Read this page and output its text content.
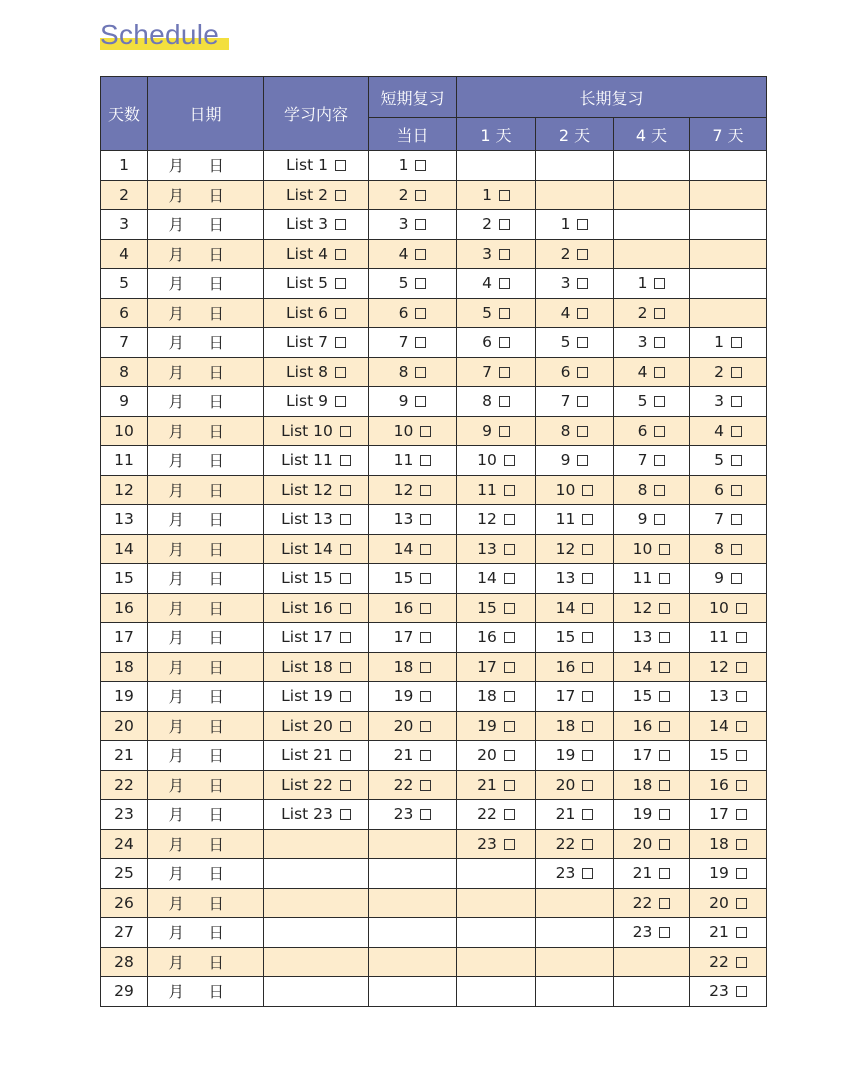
Schedule
天数	日期	学习内容	短期复习	长期复习			
			当日	1 天	2 天	4 天	7 天
1	月 日	List 1	1				
2	月 日	List 2	2	1			
3	月 日	List 3	3	2	1		
4	月 日	List 4	4	3	2		
5	月 日	List 5	5	4	3	1	
6	月 日	List 6	6	5	4	2	
7	月 日	List 7	7	6	5	3	1
8	月 日	List 8	8	7	6	4	2
9	月 日	List 9	9	8	7	5	3
10	月 日	List 10	10	9	8	6	4
11	月 日	List 11	11	10	9	7	5
12	月 日	List 12	12	11	10	8	6
13	月 日	List 13	13	12	11	9	7
14	月 日	List 14	14	13	12	10	8
15	月 日	List 15	15	14	13	11	9
16	月 日	List 16	16	15	14	12	10
17	月 日	List 17	17	16	15	13	11
18	月 日	List 18	18	17	16	14	12
19	月 日	List 19	19	18	17	15	13
20	月 日	List 20	20	19	18	16	14
21	月 日	List 21	21	20	19	17	15
22	月 日	List 22	22	21	20	18	16
23	月 日	List 23	23	22	21	19	17
24	月 日			23	22	20	18
25	月 日				23	21	19
26	月 日					22	20
27	月 日					23	21
28	月 日						22
29	月 日						23
